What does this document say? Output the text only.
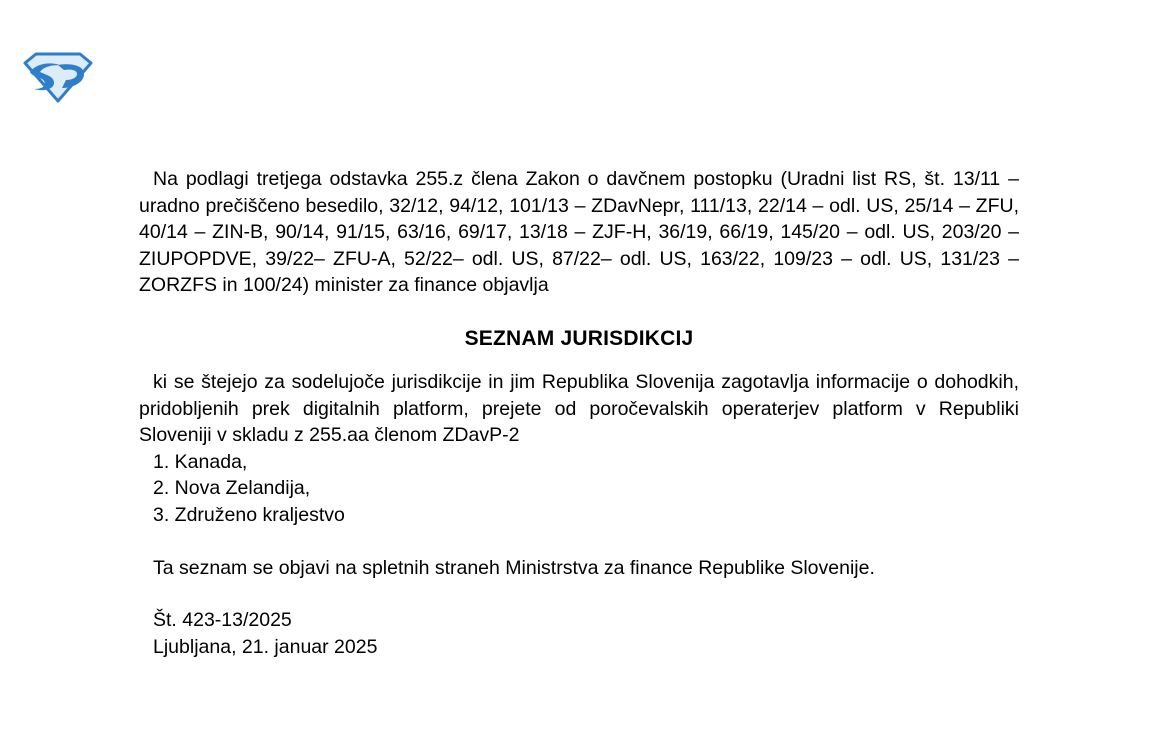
Na podlagi tretjega odstavka 255.z člena Zakon o davčnem postopku (Uradni list RS, št. 13/11 – uradno prečiščeno besedilo, 32/12, 94/12, 101/13 – ZDavNepr, 111/13, 22/14 – odl. US, 25/14 – ZFU, 40/14 – ZIN-B, 90/14, 91/15, 63/16, 69/17, 13/18 – ZJF-H, 36/19, 66/19, 145/20 – odl. US, 203/20 – ZIUPOPDVE, 39/22– ZFU-A, 52/22– odl. US, 87/22– odl. US, 163/22, 109/23 – odl. US, 131/23 – ZORZFS in 100/24) minister za finance objavlja

SEZNAM JURISDIKCIJ

ki se štejejo za sodelujoče jurisdikcije in jim Republika Slovenija zagotavlja informacije o dohodkih, pridobljenih prek digitalnih platform, prejete od poročevalskih operaterjev platform v Republiki Sloveniji v skladu z 255.aa členom ZDavP-2

1. Kanada,
2. Nova Zelandija,
3. Združeno kraljestvo

Ta seznam se objavi na spletnih straneh Ministrstva za finance Republike Slovenije.

Št. 423-13/2025
Ljubljana, 21. januar 2025
